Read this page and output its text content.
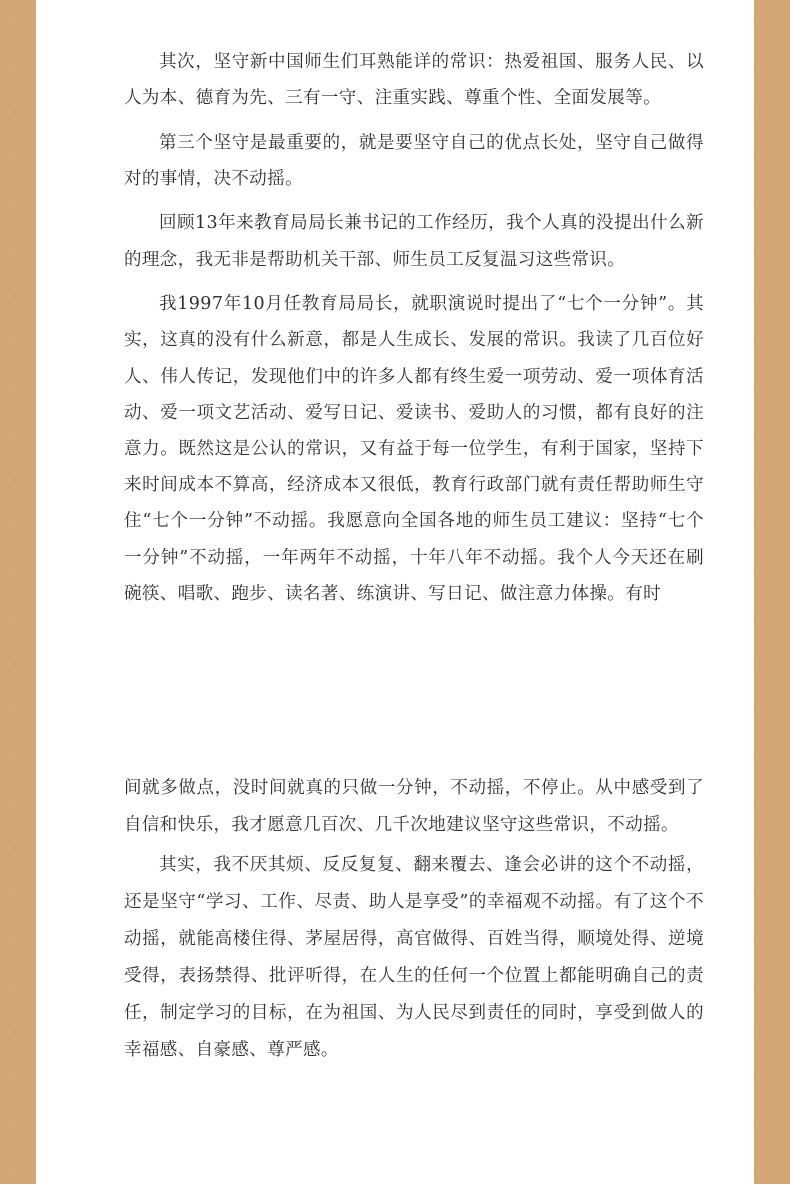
其次，坚守新中国师生们耳熟能详的常识：热爱祖国、服务人民、以人为本、德育为先、三有一守、注重实践、尊重个性、全面发展等。

第三个坚守是最重要的，就是要坚守自己的优点长处，坚守自己做得对的事情，决不动摇。

回顾13年来教育局局长兼书记的工作经历，我个人真的没提出什么新的理念，我无非是帮助机关干部、师生员工反复温习这些常识。

我1997年10月任教育局局长，就职演说时提出了“七个一分钟”。其实，这真的没有什么新意，都是人生成长、发展的常识。我读了几百位好人、伟人传记，发现他们中的许多人都有终生爱一项劳动、爱一项体育活动、爱一项文艺活动、爱写日记、爱读书、爱助人的习惯，都有良好的注意力。既然这是公认的常识，又有益于每一位学生，有利于国家，坚持下来时间成本不算高，经济成本又很低，教育行政部门就有责任帮助师生守住“七个一分钟”不动摇。我愿意向全国各地的师生员工建议：坚持“七个一分钟”不动摇，一年两年不动摇，十年八年不动摇。我个人今天还在刷碗筷、唱歌、跑步、读名著、练演讲、写日记、做注意力体操。有时

间就多做点，没时间就真的只做一分钟，不动摇，不停止。从中感受到了自信和快乐，我才愿意几百次、几千次地建议坚守这些常识，不动摇。

其实，我不厌其烦、反反复复、翻来覆去、逢会必讲的这个不动摇，还是坚守“学习、工作、尽责、助人是享受”的幸福观不动摇。有了这个不动摇，就能高楼住得、茅屋居得，高官做得、百姓当得，顺境处得、逆境受得，表扬禁得、批评听得，在人生的任何一个位置上都能明确自己的责任，制定学习的目标，在为祖国、为人民尽到责任的同时，享受到做人的幸福感、自豪感、尊严感。
